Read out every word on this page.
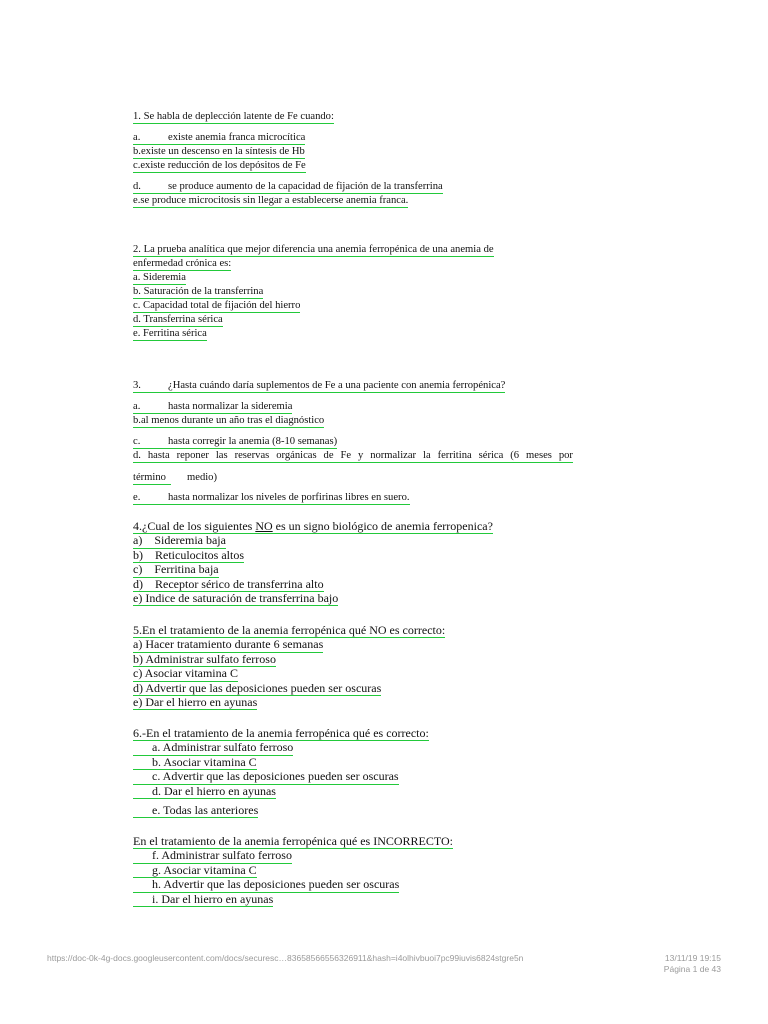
1. Se habla de deplección latente de Fe cuando:
a.	existe anemia franca microcítica
b.existe un descenso en la síntesis de Hb
c.existe reducción de los depósitos de Fe
d.	se produce aumento de la capacidad de fijación de la transferrina
e.se produce microcitosis sin llegar a establecerse anemia franca.
2. La prueba analítica que mejor diferencia una anemia ferropénica de una anemia de
enfermedad crónica es:
a. Sideremia
b. Saturación de la transferrina
c. Capacidad total de fijación del hierro
d. Transferrina sérica
e. Ferritina sérica
3.	¿Hasta cuándo daría suplementos de Fe a una paciente con anemia ferropénica?
a.	hasta normalizar la sideremia
b.al menos durante un año tras el diagnóstico
c.	hasta corregir la anemia (8-10 semanas)
d. hasta reponer las reservas orgánicas de Fe y normalizar la ferritina sérica (6 meses por
término medio)
e.	hasta normalizar los niveles de porfirinas libres en suero.
4.¿Cual de los siguientes NO es un signo biológico de anemia ferropenica?
a)    Sideremia baja
b)    Reticulocitos altos
c)    Ferritina baja
d)    Receptor sérico de transferrina alto
e) Indice de saturación de transferrina bajo
5.En el tratamiento de la anemia ferropénica qué NO es correcto:
a) Hacer tratamiento durante 6 semanas
b) Administrar sulfato ferroso
c) Asociar vitamina C
d) Advertir que las deposiciones pueden ser oscuras
e) Dar el hierro en ayunas
6.-En el tratamiento de la anemia ferropénica qué es correcto:
a. Administrar sulfato ferroso
b. Asociar vitamina C
c. Advertir que las deposiciones pueden ser oscuras
d. Dar el hierro en ayunas
e. Todas las anteriores
En el tratamiento de la anemia ferropénica qué es INCORRECTO:
f. Administrar sulfato ferroso
g. Asociar vitamina C
h. Advertir que las deposiciones pueden ser oscuras
i. Dar el hierro en ayunas
https://doc-0k-4g-docs.googleusercontent.com/docs/securesc…83658566556326911&hash=i4olhivbuoi7pc99iuvis6824stgre5n	13/11/19 19:15
Página 1 de 43
